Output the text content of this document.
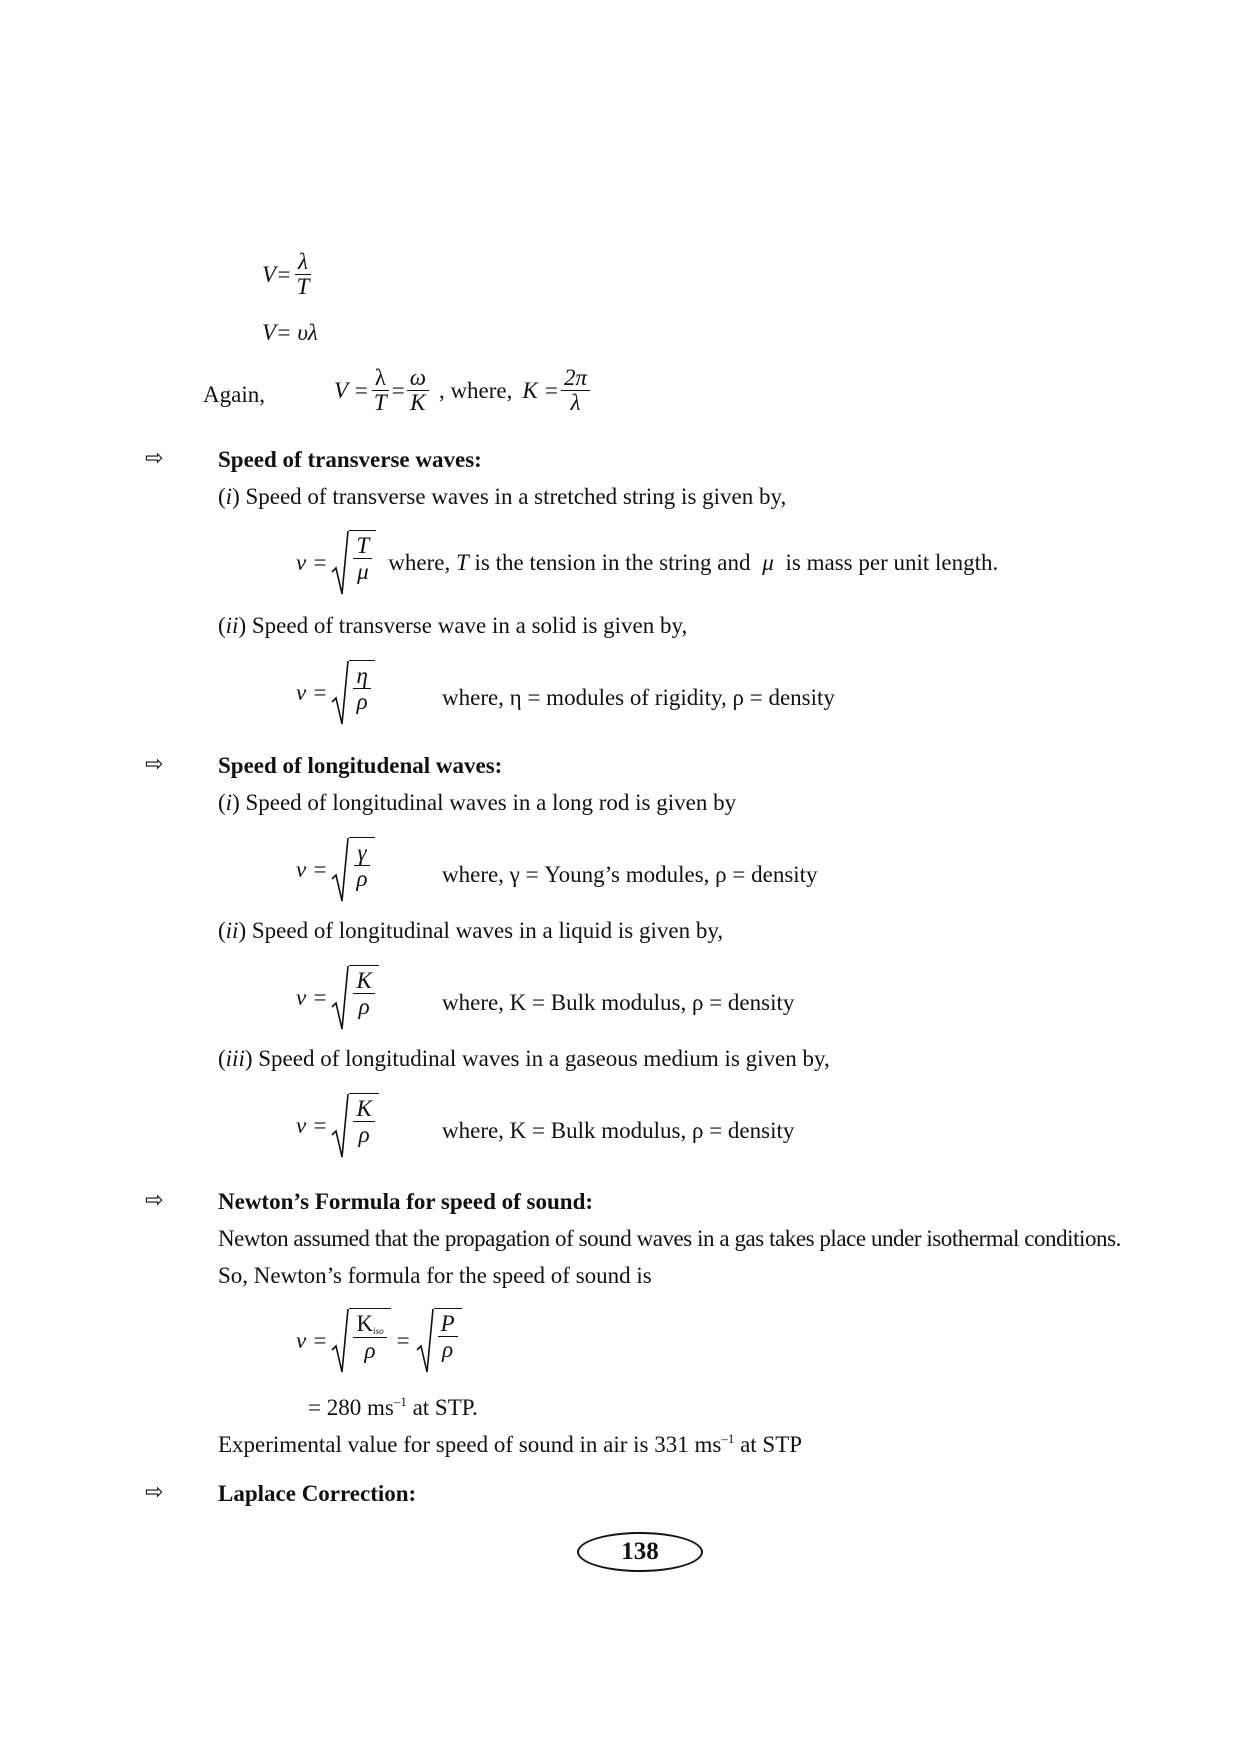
$V= \frac{\lambda}{T}$
V= υλ
Again,	$V = \frac{\lambda}{T} = \frac{\omega}{K}$ , where, $K = \frac{2\pi}{\lambda}$
⇨ Speed of transverse waves:
(i) Speed of transverse waves in a stretched string is given by,
$v = \frac{T}{\mu}$ where, T is the tension in the string and μ is mass per unit length.
(ii) Speed of transverse wave in a solid is given by,
$v = \frac{\eta}{\rho}$	where, η = modules of rigidity, ρ = density
⇨ Speed of longitudenal waves:
(i) Speed of longitudinal waves in a long rod is given by
$v = \frac{\gamma}{\rho}$	where, γ = Young’s modules, ρ = density
(ii) Speed of longitudinal waves in a liquid is given by,
$v = \frac{K}{\rho}$	where, K = Bulk modulus, ρ = density
(iii) Speed of longitudinal waves in a gaseous medium is given by,
$v = \frac{K}{\rho}$	where, K = Bulk modulus, ρ = density
⇨ Newton’s Formula for speed of sound:
Newton assumed that the propagation of sound waves in a gas takes place under isothermal conditions.
So, Newton’s formula for the speed of sound is
$v = \frac{K_{iso}}{\rho} = \frac{P}{\rho}$
= 280 $ms^{-1}$ at STP.
Experimental value for speed of sound in air is 331 $ms^{-1}$ at STP
⇨ Laplace Correction:
138
